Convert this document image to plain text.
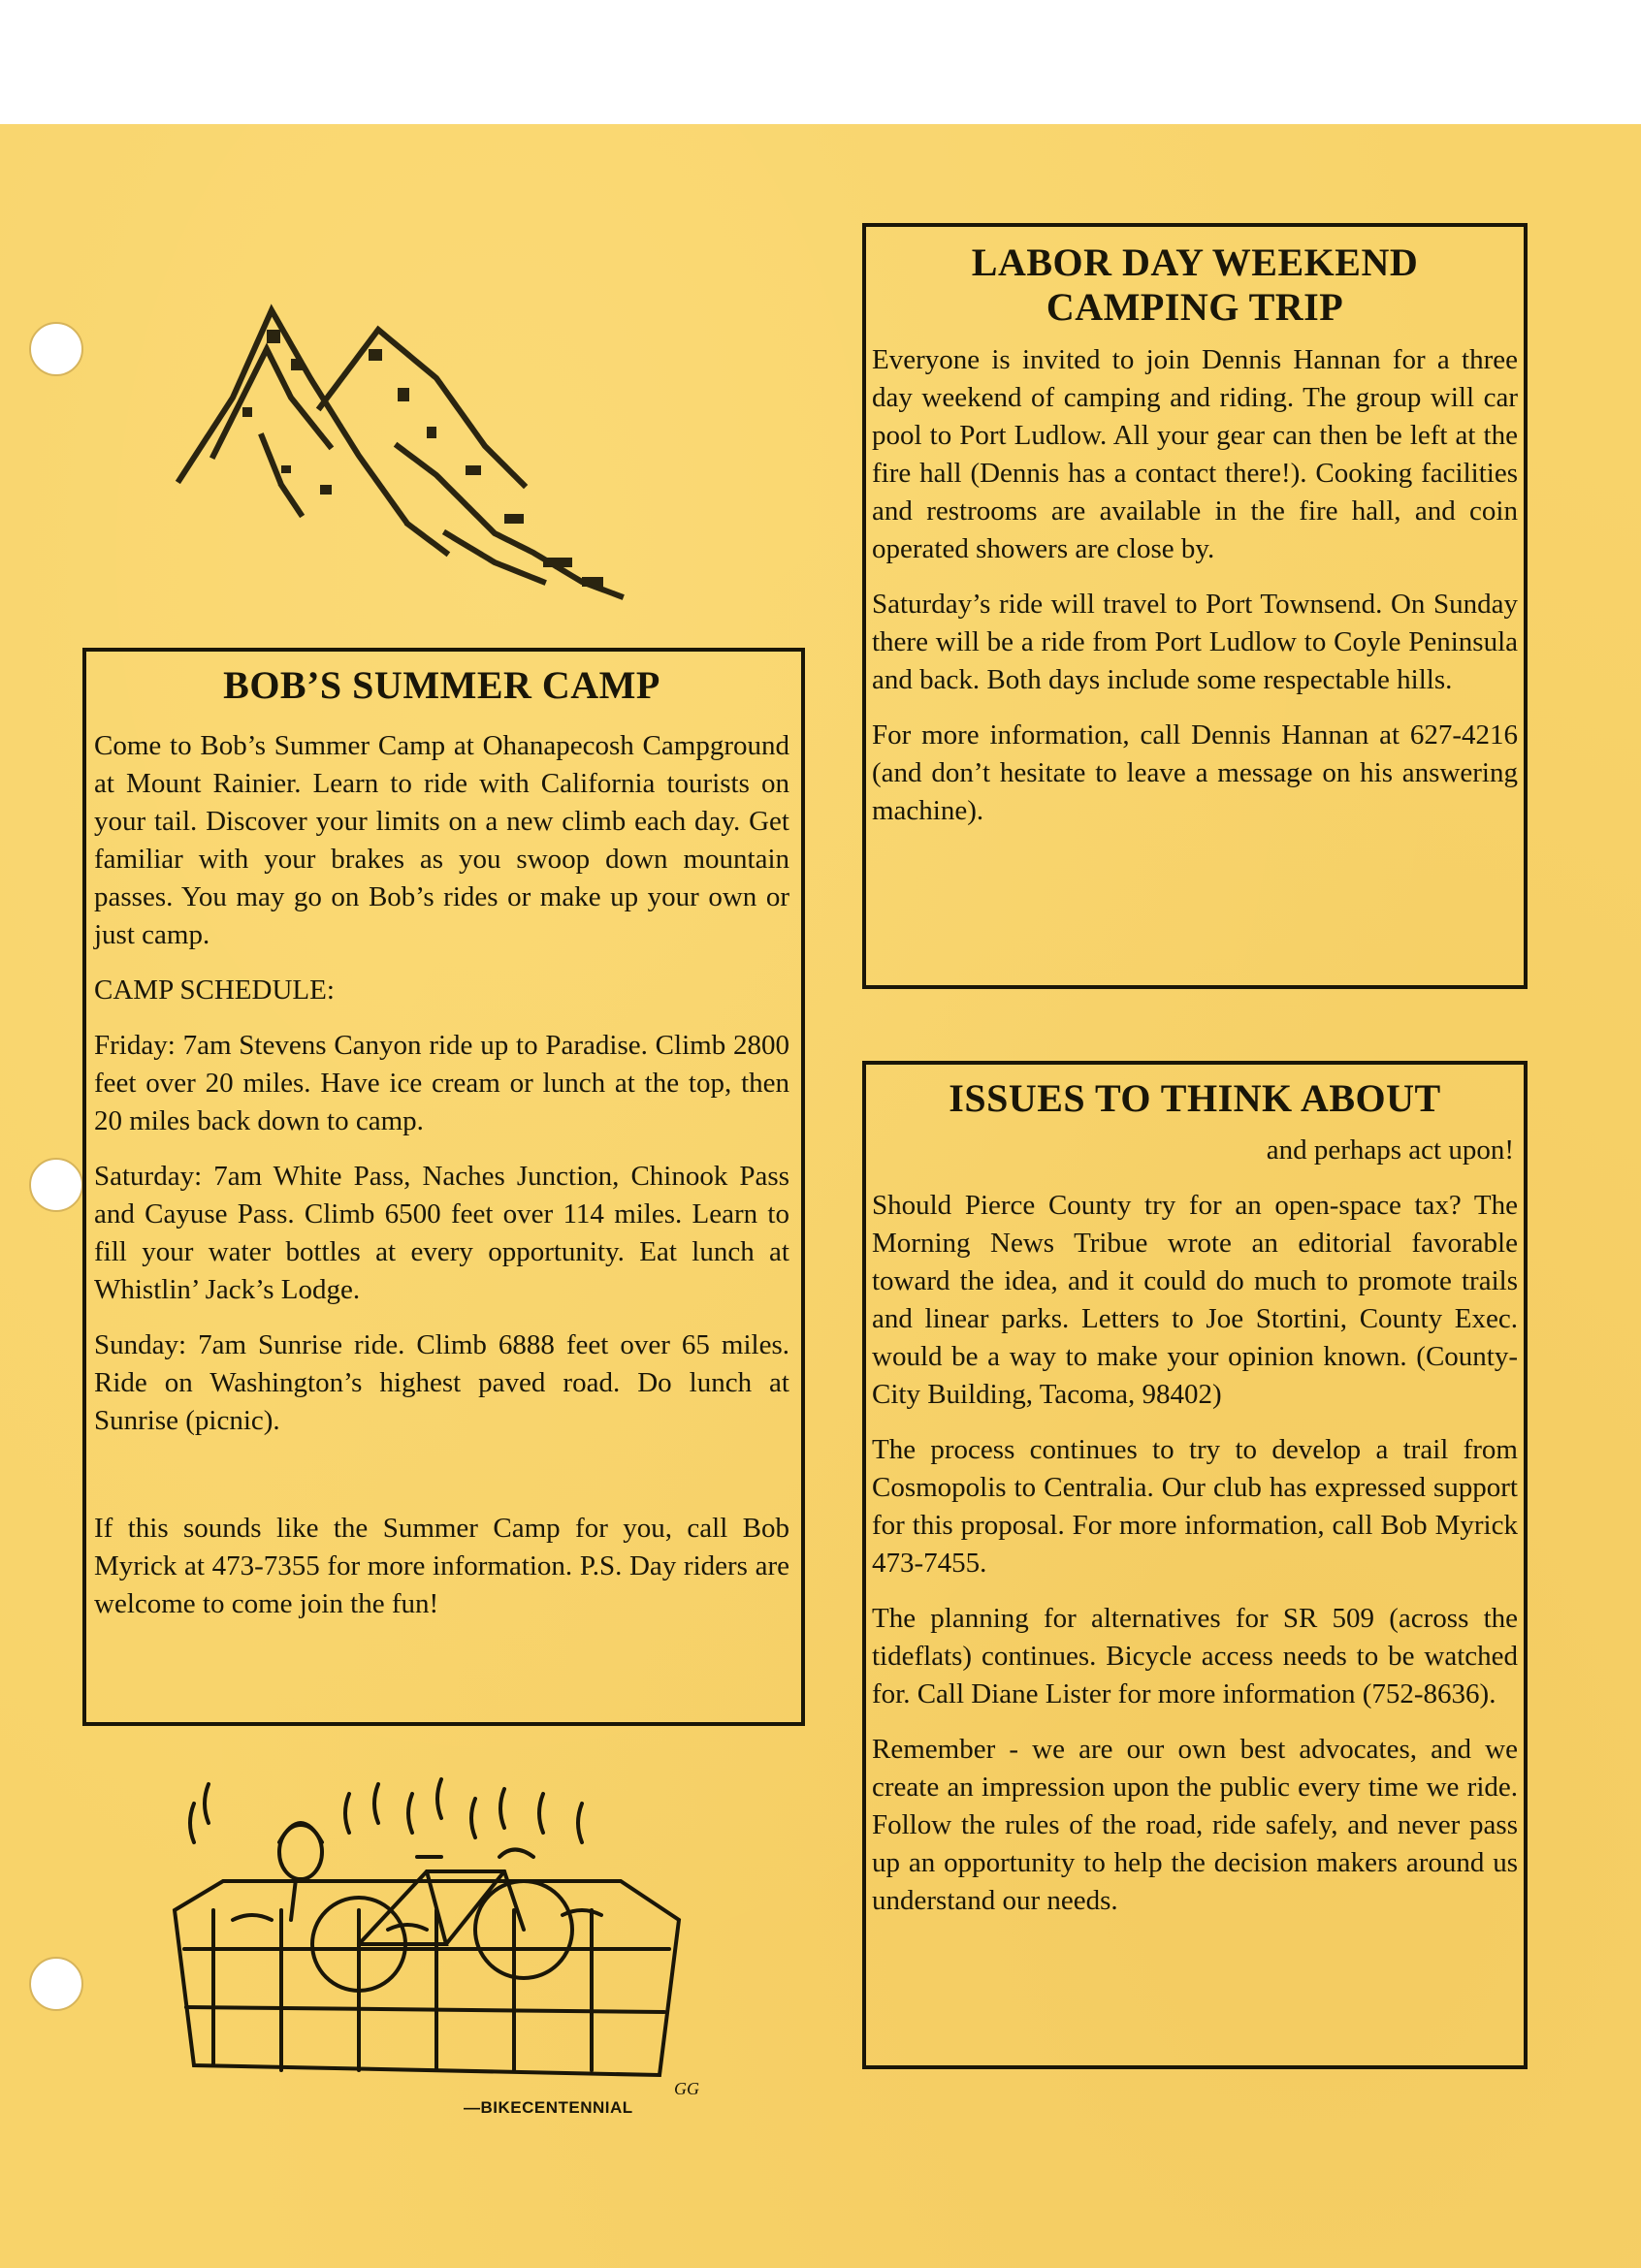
BOB’S SUMMER CAMP

Come to Bob’s Summer Camp at Ohanapecosh Campground at Mount Rainier. Learn to ride with California tourists on your tail. Discover your limits on a new climb each day. Get familiar with your brakes as you swoop down mountain passes. You may go on Bob’s rides or make up your own or just camp.

CAMP SCHEDULE:

Friday: 7am Stevens Canyon ride up to Paradise. Climb 2800 feet over 20 miles. Have ice cream or lunch at the top, then 20 miles back down to camp.

Saturday: 7am White Pass, Naches Junction, Chinook Pass and Cayuse Pass. Climb 6500 feet over 114 miles. Learn to fill your water bottles at every opportunity. Eat lunch at Whistlin’ Jack’s Lodge.

Sunday: 7am Sunrise ride. Climb 6888 feet over 65 miles. Ride on Washington’s highest paved road. Do lunch at Sunrise (picnic).

If this sounds like the Summer Camp for you, call Bob Myrick at 473-7355 for more information. P.S. Day riders are welcome to come join the fun!

GG
—BIKECENTENNIAL
LABOR DAY WEEKEND
CAMPING TRIP

Everyone is invited to join Dennis Hannan for a three day weekend of camping and riding. The group will car pool to Port Ludlow. All your gear can then be left at the fire hall (Dennis has a contact there!). Cooking facilities and restrooms are available in the fire hall, and coin operated showers are close by.

Saturday’s ride will travel to Port Townsend. On Sunday there will be a ride from Port Ludlow to Coyle Peninsula and back. Both days include some respectable hills.

For more information, call Dennis Hannan at 627-4216 (and don’t hesitate to leave a message on his answering machine).

ISSUES TO THINK ABOUT
and perhaps act upon!

Should Pierce County try for an open-space tax? The Morning News Tribue wrote an editorial favorable toward the idea, and it could do much to promote trails and linear parks. Letters to Joe Stortini, County Exec. would be a way to make your opinion known. (County-City Building, Tacoma, 98402)

The process continues to try to develop a trail from Cosmopolis to Centralia. Our club has expressed support for this proposal. For more information, call Bob Myrick 473-7455.

The planning for alternatives for SR 509 (across the tideflats) continues. Bicycle access needs to be watched for. Call Diane Lister for more information (752-8636).

Remember - we are our own best advocates, and we create an impression upon the public every time we ride. Follow the rules of the road, ride safely, and never pass up an opportunity to help the decision makers around us understand our needs.
